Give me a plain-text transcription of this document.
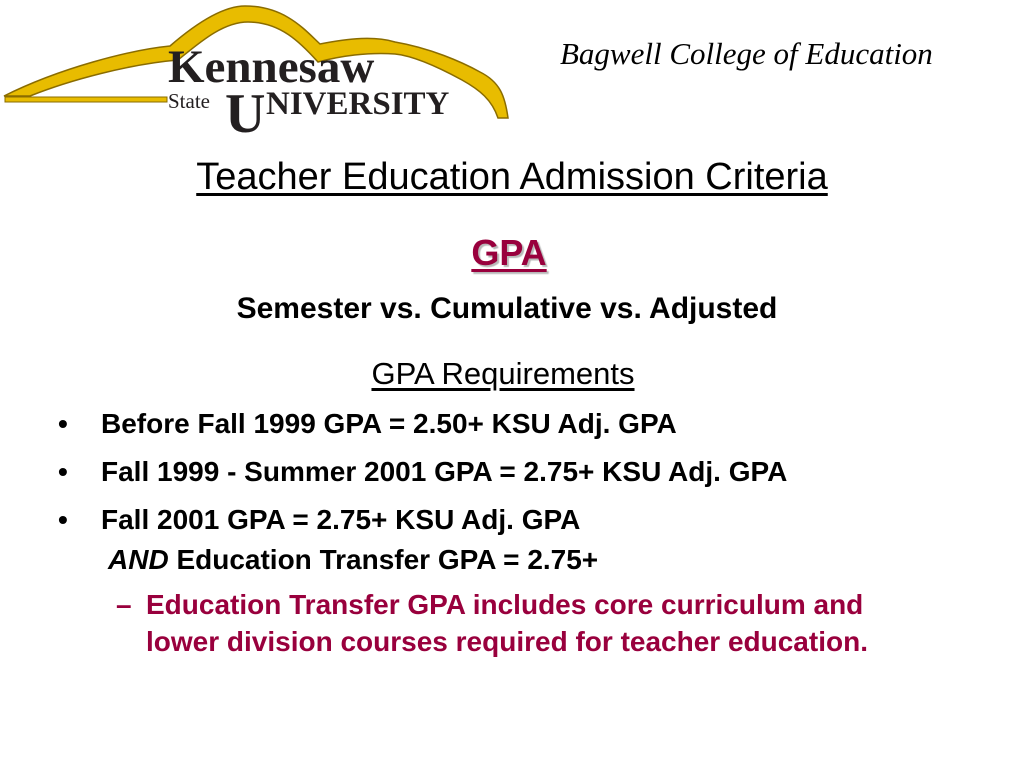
Kennesaw
State U NIVERSITY
Bagwell College of Education
Teacher Education Admission Criteria
GPA
Semester vs. Cumulative vs. Adjusted
GPA Requirements
• Before Fall 1999 GPA = 2.50+ KSU Adj. GPA
• Fall 1999 - Summer 2001 GPA = 2.75+ KSU Adj. GPA
• Fall 2001 GPA = 2.75+ KSU Adj. GPA
AND Education Transfer GPA = 2.75+
– Education Transfer GPA includes core curriculum and lower division courses required for teacher education.
